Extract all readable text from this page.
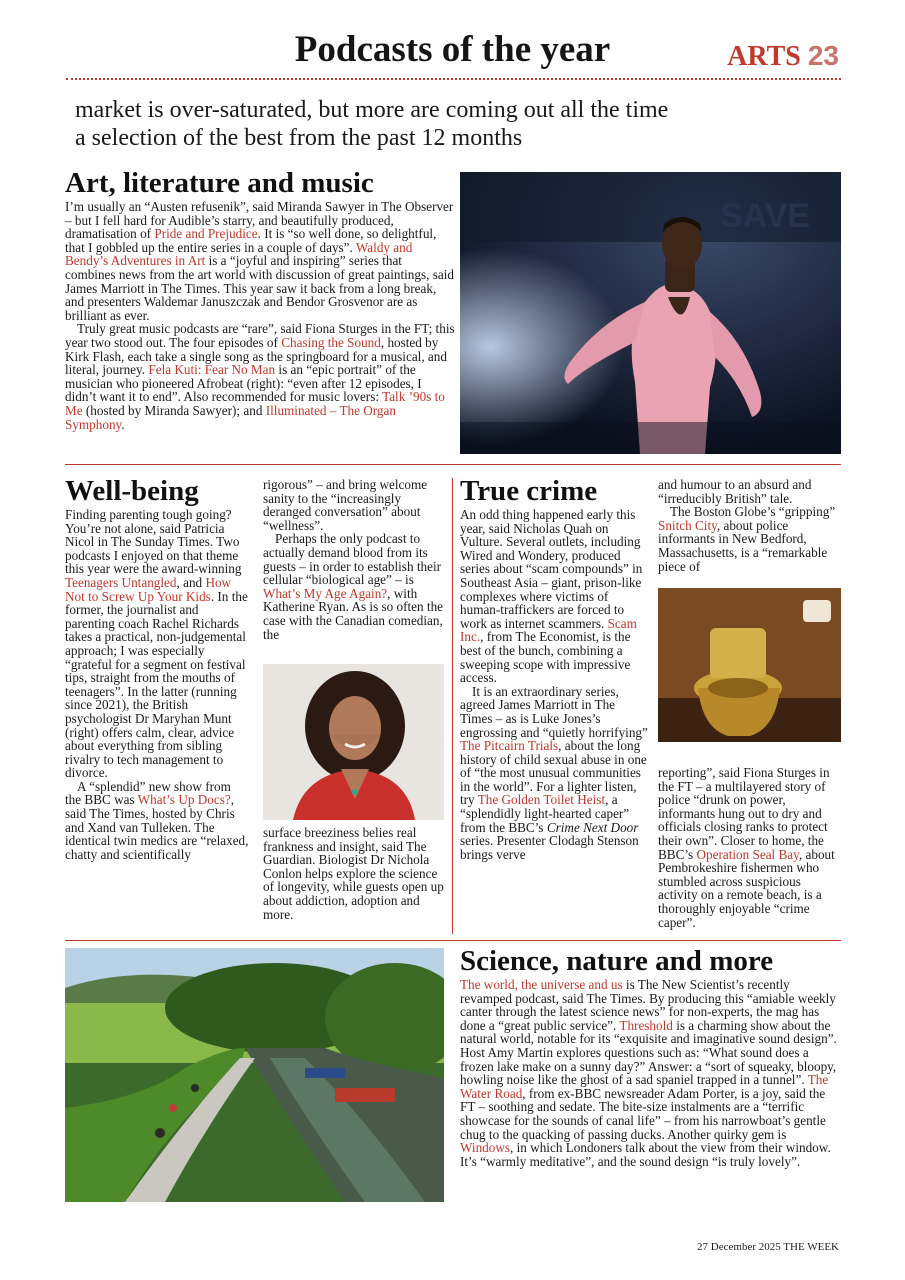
Podcasts of the year	ARTS 23
market is over-saturated, but more are coming out all the time
a selection of the best from the past 12 months
Art, literature and music

I’m usually an “Austen refusenik”, said Miranda Sawyer in The Observer – but I fell hard for Audible’s starry, and beautifully produced, dramatisation of Pride and Prejudice. It is “so well done, so delightful, that I gobbled up the entire series in a couple of days”. Waldy and Bendy’s Adventures in Art is a “joyful and inspiring” series that combines news from the art world with discussion of great paintings, said James Marriott in The Times. This year saw it back from a long break, and presenters Waldemar Januszczak and Bendor Grosvenor are as brilliant as ever.

Truly great music podcasts are “rare”, said Fiona Sturges in the FT; this year two stood out. The four episodes of Chasing the Sound, hosted by Kirk Flash, each take a single song as the springboard for a musical, and literal, journey. Fela Kuti: Fear No Man is an “epic portrait” of the musician who pioneered Afrobeat (right): “even after 12 episodes, I didn’t want it to end”. Also recommended for music lovers: Talk ’90s to Me (hosted by Miranda Sawyer); and Illuminated – The Organ Symphony.

SAVE
Well-being

Finding parenting tough going? You’re not alone, said Patricia Nicol in The Sunday Times. Two podcasts I enjoyed on that theme this year were the award-winning Teenagers Untangled, and How Not to Screw Up Your Kids. In the former, the journalist and parenting coach Rachel Richards takes a practical, non-judgemental approach; I was especially “grateful for a segment on festival tips, straight from the mouths of teenagers”. In the latter (running since 2021), the British psychologist Dr Maryhan Munt (right) offers calm, clear, advice about everything from sibling rivalry to tech management to divorce.

A “splendid” new show from the BBC was What’s Up Docs?, said The Times, hosted by Chris and Xand van Tulleken. The identical twin medics are “relaxed, chatty and scientifically

rigorous” – and bring welcome sanity to the “increasingly deranged conversation” about “wellness”.

Perhaps the only podcast to actually demand blood from its guests – in order to establish their cellular “biological age” – is What’s My Age Again?, with Katherine Ryan. As is so often the case with the Canadian comedian, the

surface breeziness belies real frankness and insight, said The Guardian. Biologist Dr Nichola Conlon helps explore the science of longevity, while guests open up about addiction, adoption and more.

True crime

An odd thing happened early this year, said Nicholas Quah on Vulture. Several outlets, including Wired and Wondery, produced series about “scam compounds” in Southeast Asia – giant, prison-like complexes where victims of human-traffickers are forced to work as internet scammers. Scam Inc., from The Economist, is the best of the bunch, combining a sweeping scope with impressive access.

It is an extraordinary series, agreed James Marriott in The Times – as is Luke Jones’s engrossing and “quietly horrifying” The Pitcairn Trials, about the long history of child sexual abuse in one of “the most unusual communities in the world”. For a lighter listen, try The Golden Toilet Heist, a “splendidly light-hearted caper” from the BBC’s Crime Next Door series. Presenter Clodagh Stenson brings verve

and humour to an absurd and “irreducibly British” tale.

The Boston Globe’s “gripping” Snitch City, about police informants in New Bedford, Massachusetts, is a “remarkable piece of

reporting”, said Fiona Sturges in the FT – a multilayered story of police “drunk on power, informants hung out to dry and officials closing ranks to protect their own”. Closer to home, the BBC’s Operation Seal Bay, about Pembrokeshire fishermen who stumbled across suspicious activity on a remote beach, is a thoroughly enjoyable “crime caper”.

Science, nature and more

The world, the universe and us is The New Scientist’s recently revamped podcast, said The Times. By producing this “amiable weekly canter through the latest science news” for non-experts, the mag has done a “great public service”. Threshold is a charming show about the natural world, notable for its “exquisite and imaginative sound design”. Host Amy Martin explores questions such as: “What sound does a frozen lake make on a sunny day?” Answer: a “sort of squeaky, bloopy, howling noise like the ghost of a sad spaniel trapped in a tunnel”. The Water Road, from ex-BBC newsreader Adam Porter, is a joy, said the FT – soothing and sedate. The bite-size instalments are a “terrific showcase for the sounds of canal life” – from his narrowboat’s gentle chug to the quacking of passing ducks. Another quirky gem is Windows, in which Londoners talk about the view from their window. It’s “warmly meditative”, and the sound design “is truly lovely”.

27 December 2025 THE WEEK
